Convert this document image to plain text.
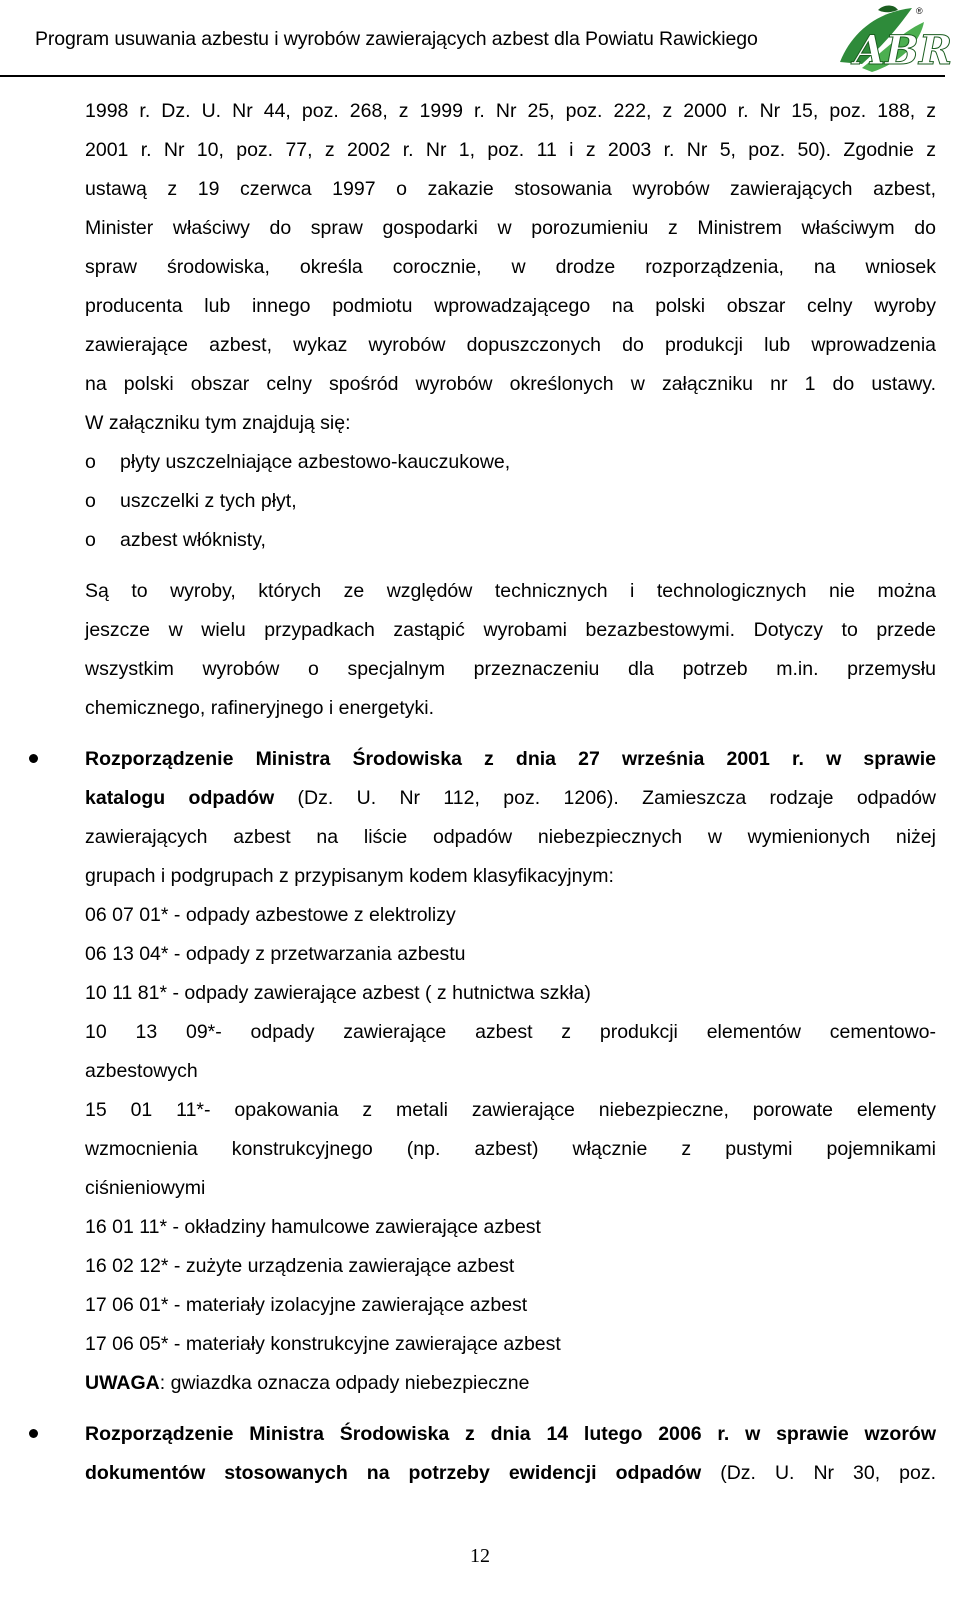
Program usuwania azbestu i wyrobów zawierających azbest dla Powiatu Rawickiego ABR
®
1998 r. Dz. U. Nr 44, poz. 268, z 1999 r. Nr 25, poz. 222, z 2000 r. Nr 15, poz. 188, z
2001 r. Nr 10, poz. 77, z 2002 r. Nr 1, poz. 11 i z 2003 r. Nr 5, poz. 50). Zgodnie z
ustawą z 19 czerwca 1997 o zakazie stosowania wyrobów zawierających azbest,
Minister właściwy do spraw gospodarki w porozumieniu z Ministrem właściwym do
spraw środowiska, określa corocznie, w drodze rozporządzenia, na wniosek
producenta lub innego podmiotu wprowadzającego na polski obszar celny wyroby
zawierające azbest, wykaz wyrobów dopuszczonych do produkcji lub wprowadzenia
na polski obszar celny spośród wyrobów określonych w załączniku nr 1 do ustawy.
W załączniku tym znajdują się:
o płyty uszczelniające azbestowo-kauczukowe,
o uszczelki z tych płyt,
o azbest włóknisty,
Są to wyroby, których ze względów technicznych i technologicznych nie można
jeszcze w wielu przypadkach zastąpić wyrobami bezazbestowymi. Dotyczy to przede
wszystkim wyrobów o specjalnym przeznaczeniu dla potrzeb m.in. przemysłu
chemicznego, rafineryjnego i energetyki.
Rozporządzenie Ministra Środowiska z dnia 27 września 2001 r. w sprawie
katalogu odpadów (Dz. U. Nr 112, poz. 1206). Zamieszcza rodzaje odpadów
zawierających azbest na liście odpadów niebezpiecznych w wymienionych niżej
grupach i podgrupach z przypisanym kodem klasyfikacyjnym:
06 07 01* - odpady azbestowe z elektrolizy
06 13 04* - odpady z przetwarzania azbestu
10 11 81* - odpady zawierające azbest ( z hutnictwa szkła)
10 13 09*- odpady zawierające azbest z produkcji elementów cementowo-
azbestowych
15 01 11*- opakowania z metali zawierające niebezpieczne, porowate elementy
wzmocnienia konstrukcyjnego (np. azbest) włącznie z pustymi pojemnikami
ciśnieniowymi
16 01 11* - okładziny hamulcowe zawierające azbest
16 02 12* - zużyte urządzenia zawierające azbest
17 06 01* - materiały izolacyjne zawierające azbest
17 06 05* - materiały konstrukcyjne zawierające azbest
UWAGA: gwiazdka oznacza odpady niebezpieczne
Rozporządzenie Ministra Środowiska z dnia 14 lutego 2006 r. w sprawie wzorów
dokumentów stosowanych na potrzeby ewidencji odpadów (Dz. U. Nr 30, poz.
12
